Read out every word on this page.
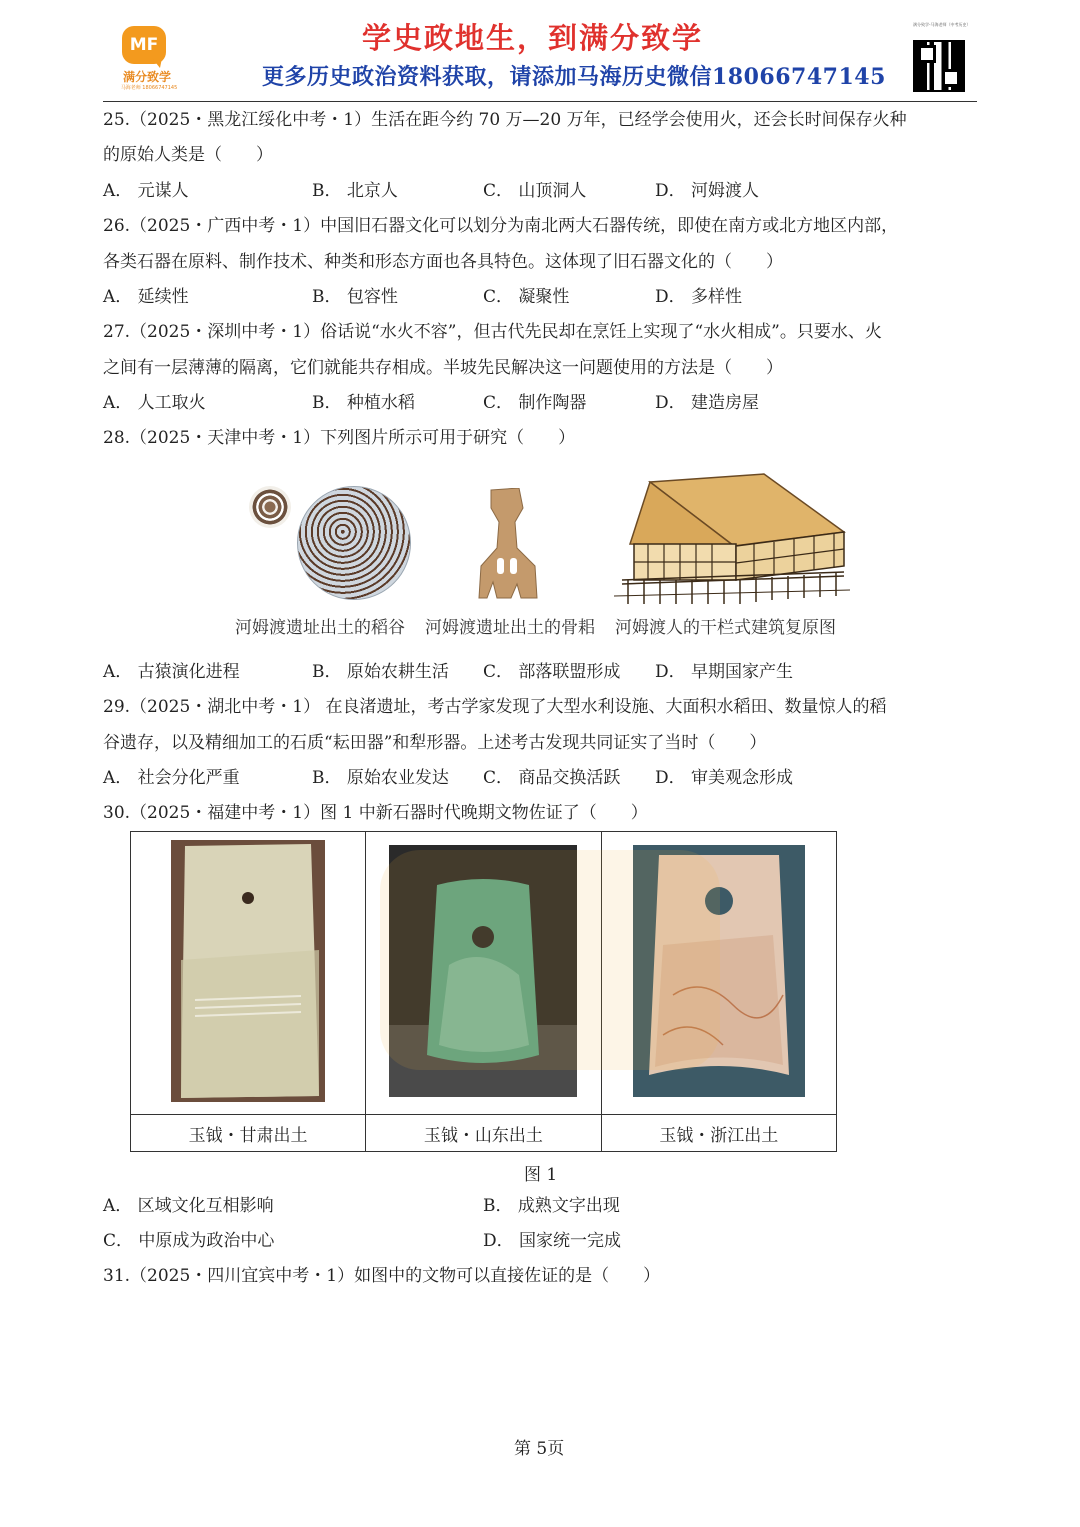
MF
满分致学
马海老师 18066747145
学史政地生，到满分致学
更多历史政治资料获取，请添加马海历史微信18066747145
满分致学-马海老师（中考历史）
25.（2025・黑龙江绥化中考・1）生活在距今约 70 万—20 万年，已经学会使用火，还会长时间保存火种
的原始人类是（　　）
A． 元谋人	B． 北京人	C． 山顶洞人	D． 河姆渡人
26.（2025・广西中考・1）中国旧石器文化可以划分为南北两大石器传统，即使在南方或北方地区内部，
各类石器在原料、制作技术、种类和形态方面也各具特色。这体现了旧石器文化的（　　）
A． 延续性	B． 包容性	C． 凝聚性	D． 多样性
27.（2025・深圳中考・1）俗话说“水火不容”，但古代先民却在烹饪上实现了“水火相成”。只要水、火
之间有一层薄薄的隔离，它们就能共存相成。半坡先民解决这一问题使用的方法是（　　）
A． 人工取火	B． 种植水稻	C． 制作陶器	D． 建造房屋
28.（2025・天津中考・1）下列图片所示可用于研究（　　）
河姆渡遗址出土的稻谷 河姆渡遗址出土的骨耜 河姆渡人的干栏式建筑复原图
A． 古猿演化进程	B． 原始农耕生活 C． 部落联盟形成 D． 早期国家产生
29.（2025・湖北中考・1） 在良渚遗址，考古学家发现了大型水利设施、大面积水稻田、数量惊人的稻
谷遗存，以及精细加工的石质“耘田器”和犁形器。上述考古发现共同证实了当时（　　）
A． 社会分化严重	B． 原始农业发达 C． 商品交换活跃 D． 审美观念形成
30.（2025・福建中考・1）图 1 中新石器时代晚期文物佐证了（　　）

玉钺・甘肃出土	玉钺・山东出土	玉钺・浙江出土
图 1
A． 区域文化互相影响	B． 成熟文字出现
C． 中原成为政治中心	D． 国家统一完成
31.（2025・四川宜宾中考・1）如图中的文物可以直接佐证的是（　　）
第 5页
